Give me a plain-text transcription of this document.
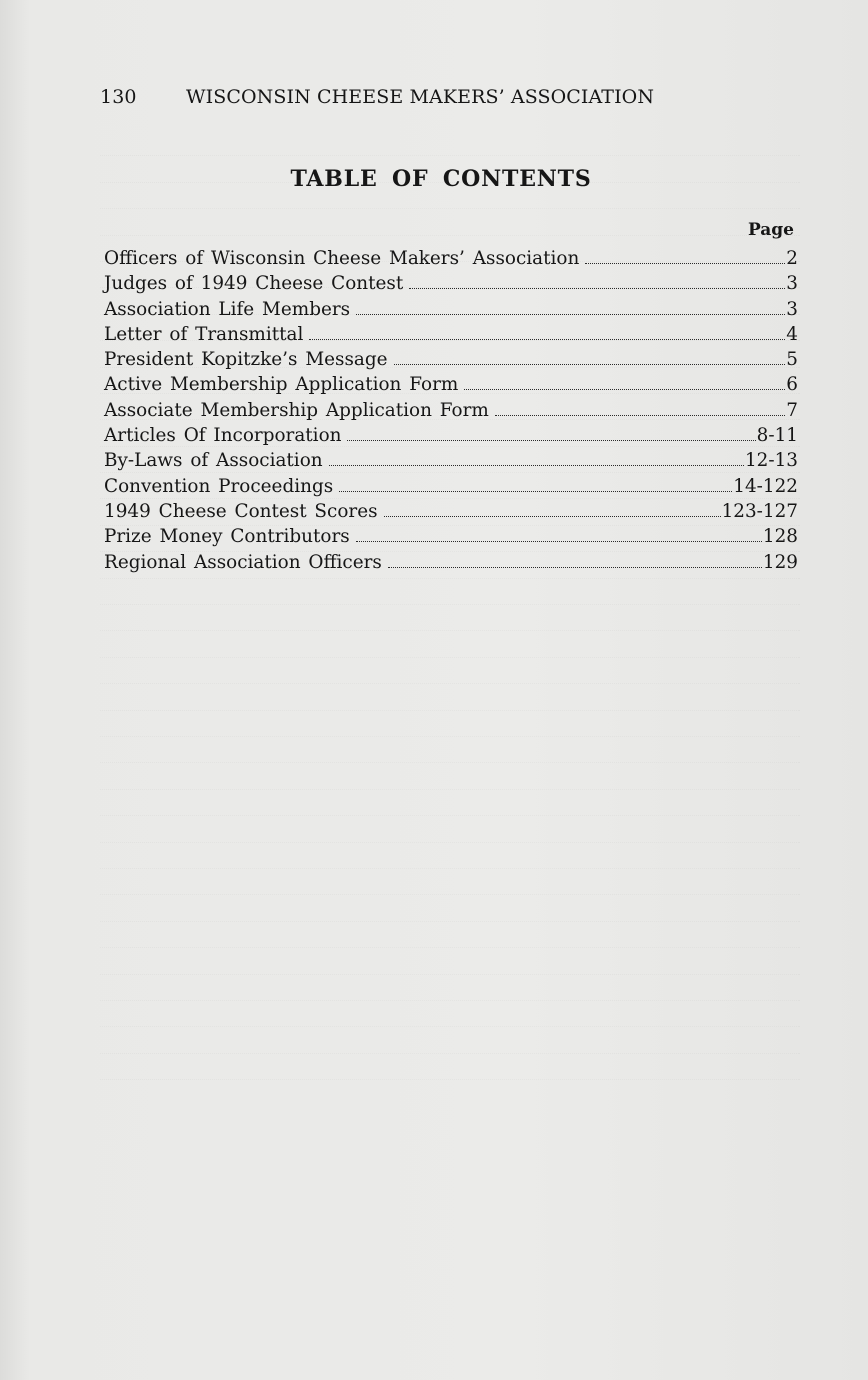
130	WISCONSIN CHEESE MAKERS’ ASSOCIATION
TABLE OF CONTENTS
Page
Officers of Wisconsin Cheese Makers’ Association	2
Judges of 1949 Cheese Contest	3
Association Life Members	3
Letter of Transmittal	4
President Kopitzke’s Message	5
Active Membership Application Form	6
Associate Membership Application Form	7
Articles Of Incorporation	8-11
By-Laws of Association	12-13
Convention Proceedings	14-122
1949 Cheese Contest Scores	123-127
Prize Money Contributors	128
Regional Association Officers	129
